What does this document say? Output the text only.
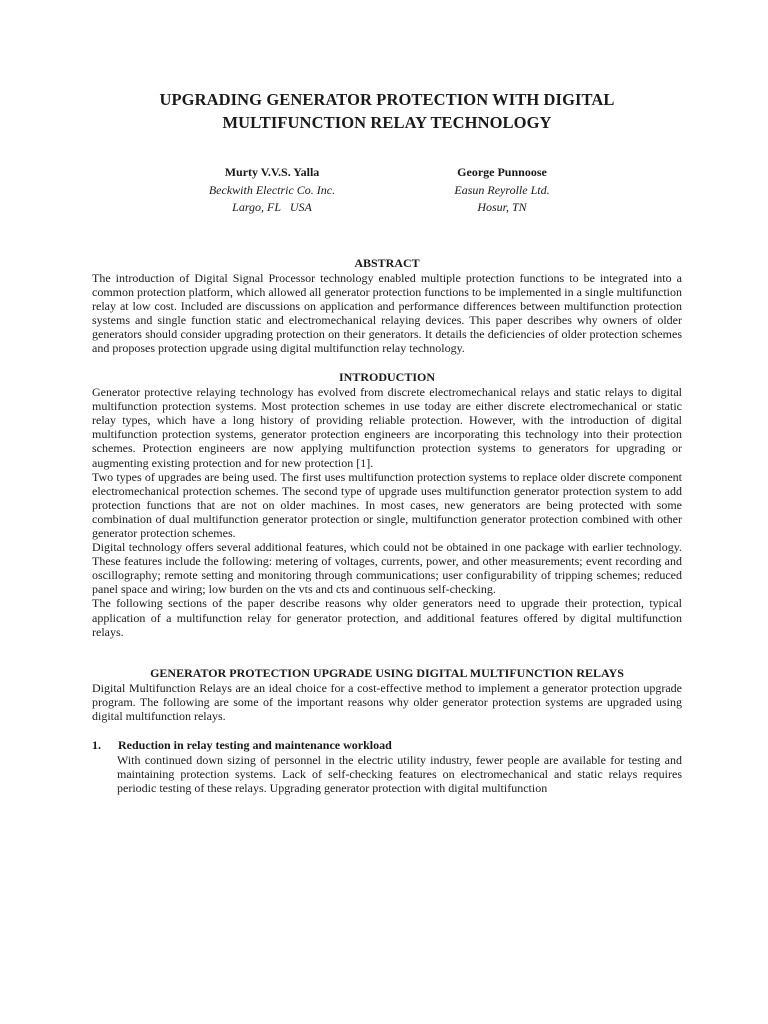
UPGRADING GENERATOR PROTECTION WITH DIGITAL
MULTIFUNCTION RELAY TECHNOLOGY
Murty V.V.S. Yalla
Beckwith Electric Co. Inc.
Largo, FL   USA
George Punnoose
Easun Reyrolle Ltd.
Hosur, TN
ABSTRACT

The introduction of Digital Signal Processor technology enabled multiple protection functions to be integrated into a common protection platform, which allowed all generator protection functions to be implemented in a single multifunction relay at low cost. Included are discussions on application and performance differences between multifunction protection systems and single function static and electromechanical relaying devices. This paper describes why owners of older generators should consider upgrading protection on their generators. It details the deficiencies of older protection schemes and proposes protection upgrade using digital multifunction relay technology.

INTRODUCTION

Generator protective relaying technology has evolved from discrete electromechanical relays and static relays to digital multifunction protection systems. Most protection schemes in use today are either discrete electromechanical or static relay types, which have a long history of providing reliable protection. However, with the introduction of digital multifunction protection systems, generator protection engineers are incorporating this technology into their protection schemes. Protection engineers are now applying multifunction protection systems to generators for upgrading or augmenting existing protection and for new protection [1].

Two types of upgrades are being used. The first uses multifunction protection systems to replace older discrete component electromechanical protection schemes. The second type of upgrade uses multifunction generator protection system to add protection functions that are not on older machines. In most cases, new generators are being protected with some combination of dual multifunction generator protection or single, multifunction generator protection combined with other generator protection schemes.

Digital technology offers several additional features, which could not be obtained in one package with earlier technology. These features include the following: metering of voltages, currents, power, and other measurements; event recording and oscillography; remote setting and monitoring through communications; user configurability of tripping schemes; reduced panel space and wiring; low burden on the vts and cts and continuous self-checking.

The following sections of the paper describe reasons why older generators need to upgrade their protection, typical application of a multifunction relay for generator protection, and additional features offered by digital multifunction relays.

GENERATOR PROTECTION UPGRADE USING DIGITAL MULTIFUNCTION RELAYS

Digital Multifunction Relays are an ideal choice for a cost-effective method to implement a generator protection upgrade program. The following are some of the important reasons why older generator protection systems are upgraded using digital multifunction relays.

1.	Reduction in relay testing and maintenance workload

With continued down sizing of personnel in the electric utility industry, fewer people are available for testing and maintaining protection systems. Lack of self-checking features on electromechanical and static relays requires periodic testing of these relays. Upgrading generator protection with digital multifunction
